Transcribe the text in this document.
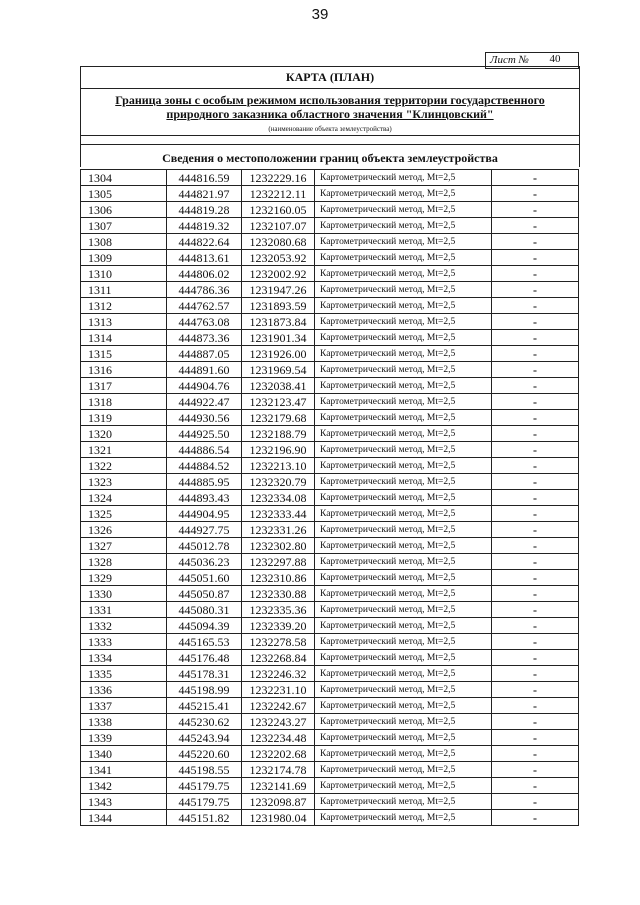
39
Лист №	40
КАРТА (ПЛАН)
Граница зоны с особым режимом использования территории государственного
природного заказника областного значения "Клинцовский"
(наименование объекта землеустройства)
Сведения о местоположении границ объекта землеустройства
1304	444816.59	1232229.16	Картометрический метод, Mt=2,5	-
1305	444821.97	1232212.11	Картометрический метод, Mt=2,5	-
1306	444819.28	1232160.05	Картометрический метод, Mt=2,5	-
1307	444819.32	1232107.07	Картометрический метод, Mt=2,5	-
1308	444822.64	1232080.68	Картометрический метод, Mt=2,5	-
1309	444813.61	1232053.92	Картометрический метод, Mt=2,5	-
1310	444806.02	1232002.92	Картометрический метод, Mt=2,5	-
1311	444786.36	1231947.26	Картометрический метод, Mt=2,5	-
1312	444762.57	1231893.59	Картометрический метод, Mt=2,5	-
1313	444763.08	1231873.84	Картометрический метод, Mt=2,5	-
1314	444873.36	1231901.34	Картометрический метод, Mt=2,5	-
1315	444887.05	1231926.00	Картометрический метод, Mt=2,5	-
1316	444891.60	1231969.54	Картометрический метод, Mt=2,5	-
1317	444904.76	1232038.41	Картометрический метод, Mt=2,5	-
1318	444922.47	1232123.47	Картометрический метод, Mt=2,5	-
1319	444930.56	1232179.68	Картометрический метод, Mt=2,5	-
1320	444925.50	1232188.79	Картометрический метод, Mt=2,5	-
1321	444886.54	1232196.90	Картометрический метод, Mt=2,5	-
1322	444884.52	1232213.10	Картометрический метод, Mt=2,5	-
1323	444885.95	1232320.79	Картометрический метод, Mt=2,5	-
1324	444893.43	1232334.08	Картометрический метод, Mt=2,5	-
1325	444904.95	1232333.44	Картометрический метод, Mt=2,5	-
1326	444927.75	1232331.26	Картометрический метод, Mt=2,5	-
1327	445012.78	1232302.80	Картометрический метод, Mt=2,5	-
1328	445036.23	1232297.88	Картометрический метод, Mt=2,5	-
1329	445051.60	1232310.86	Картометрический метод, Mt=2,5	-
1330	445050.87	1232330.88	Картометрический метод, Mt=2,5	-
1331	445080.31	1232335.36	Картометрический метод, Mt=2,5	-
1332	445094.39	1232339.20	Картометрический метод, Mt=2,5	-
1333	445165.53	1232278.58	Картометрический метод, Mt=2,5	-
1334	445176.48	1232268.84	Картометрический метод, Mt=2,5	-
1335	445178.31	1232246.32	Картометрический метод, Mt=2,5	-
1336	445198.99	1232231.10	Картометрический метод, Mt=2,5	-
1337	445215.41	1232242.67	Картометрический метод, Mt=2,5	-
1338	445230.62	1232243.27	Картометрический метод, Mt=2,5	-
1339	445243.94	1232234.48	Картометрический метод, Mt=2,5	-
1340	445220.60	1232202.68	Картометрический метод, Mt=2,5	-
1341	445198.55	1232174.78	Картометрический метод, Mt=2,5	-
1342	445179.75	1232141.69	Картометрический метод, Mt=2,5	-
1343	445179.75	1232098.87	Картометрический метод, Mt=2,5	-
1344	445151.82	1231980.04	Картометрический метод, Mt=2,5	-
